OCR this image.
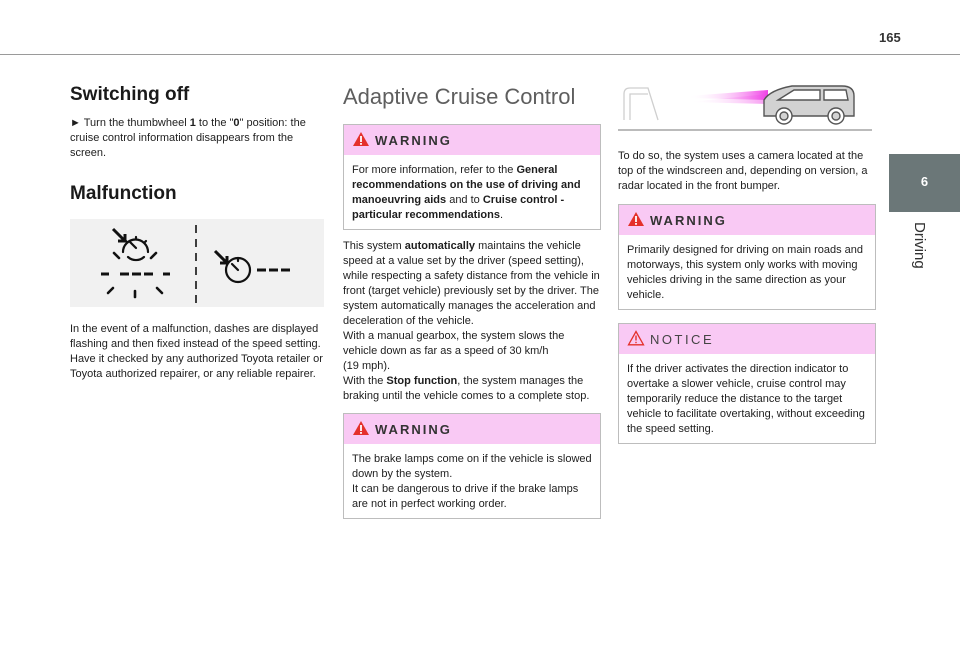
165
6
Driving
Switching off

► Turn the thumbwheel 1 to the "0" position: the cruise control information disappears from the screen.

Malfunction

In the event of a malfunction, dashes are displayed flashing and then fixed instead of the speed setting.

Have it checked by any authorized Toyota retailer or Toyota authorized repairer, or any reliable repairer.

Adaptive Cruise Control
WARNING
For more information, refer to the General recommendations on the use of driving and manoeuvring aids and to Cruise control - particular recommendations.

This system automatically maintains the vehicle speed at a value set by the driver (speed setting), while respecting a safety distance from the vehicle in front (target vehicle) previously set by the driver. The system automatically manages the acceleration and deceleration of the vehicle.

With a manual gearbox, the system slows the vehicle down as far as a speed of 30 km/h

(19 mph).

With the Stop function, the system manages the braking until the vehicle comes to a complete stop.

WARNING
The brake lamps come on if the vehicle is slowed down by the system.
It can be dangerous to drive if the brake lamps are not in perfect working order.

To do so, the system uses a camera located at the top of the windscreen and, depending on version, a radar located in the front bumper.

WARNING
Primarily designed for driving on main roads and motorways, this system only works with moving vehicles driving in the same direction as your vehicle.
NOTICE
If the driver activates the direction indicator to overtake a slower vehicle, cruise control may temporarily reduce the distance to the target vehicle to facilitate overtaking, without exceeding the speed setting.
